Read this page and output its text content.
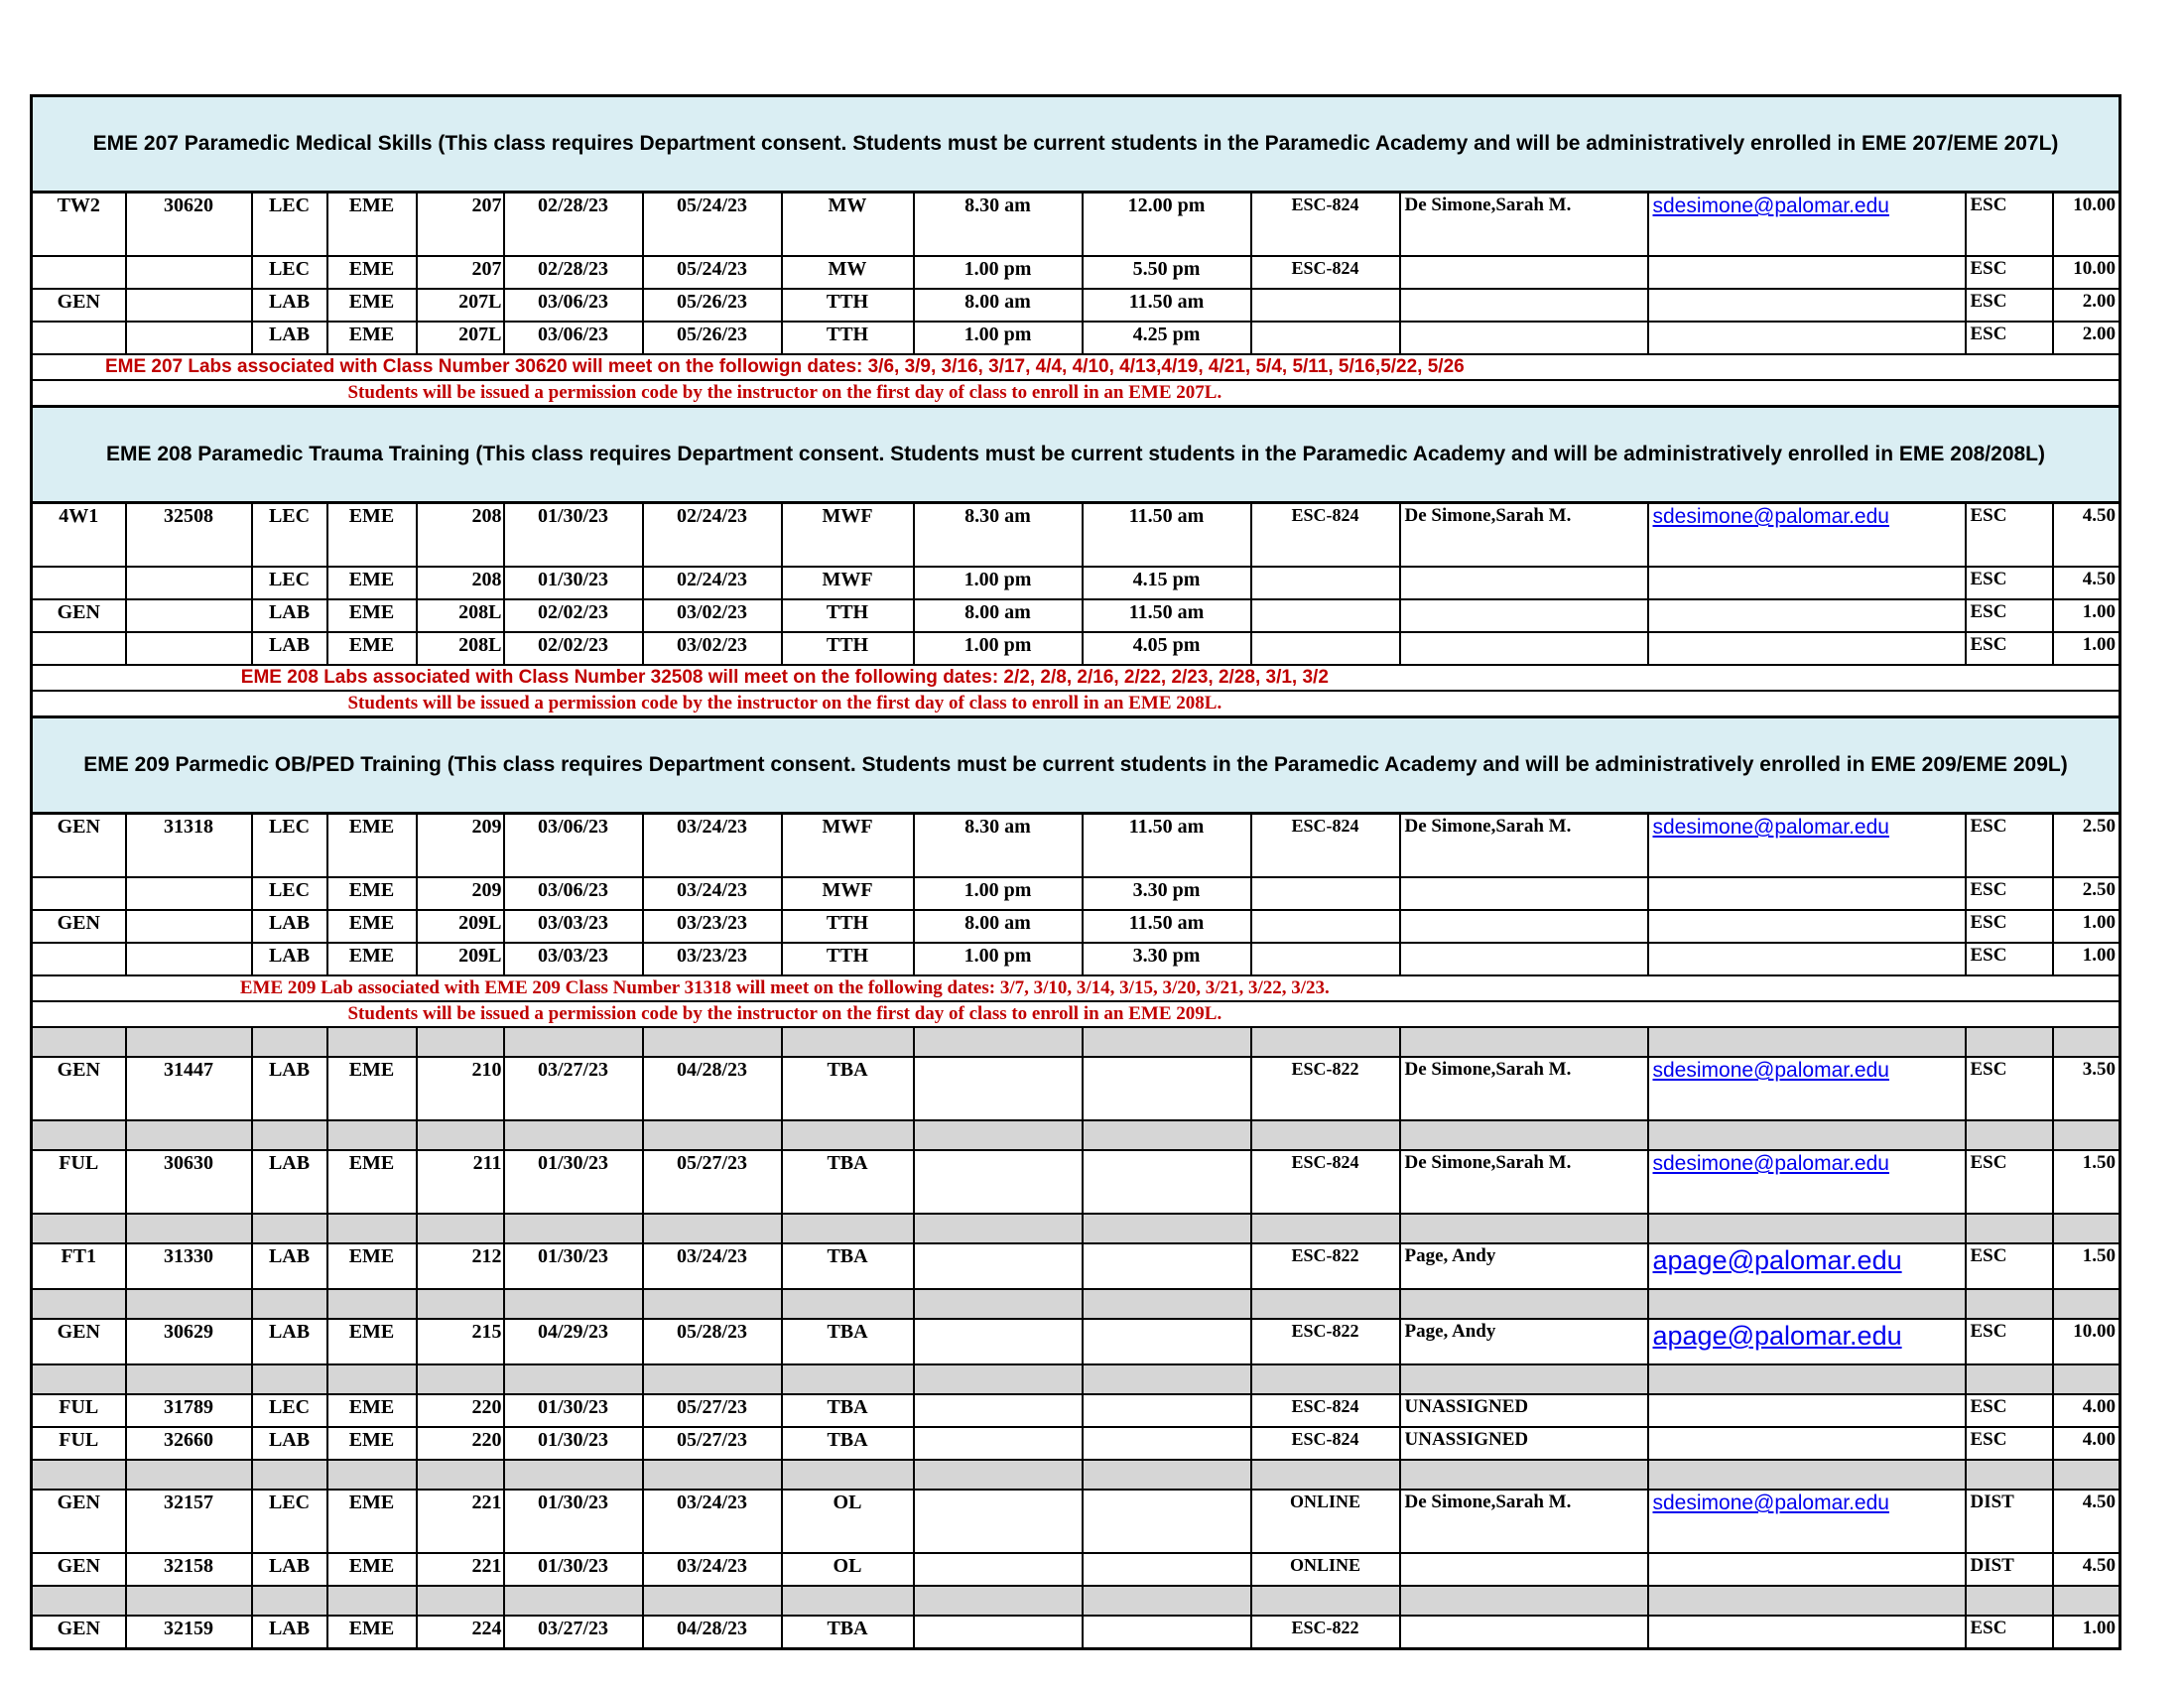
EME 207 Paramedic Medical Skills (This class requires Department consent. Students must be current students in the Paramedic Academy and will be administratively enrolled in EME 207/EME 207L)														
TW2	30620	LEC	EME	207	02/28/23	05/24/23	MW	8.30 am	12.00 pm	ESC-824	De Simone,Sarah M.	sdesimone@palomar.edu	ESC	10.00
		LEC	EME	207	02/28/23	05/24/23	MW	1.00 pm	5.50 pm	ESC-824			ESC	10.00
GEN		LAB	EME	207L	03/06/23	05/26/23	TTH	8.00 am	11.50 am				ESC	2.00
		LAB	EME	207L	03/06/23	05/26/23	TTH	1.00 pm	4.25 pm				ESC	2.00

EME 207 Labs associated with Class Number 30620 will meet on the followign dates: 3/6, 3/9, 3/16, 3/17, 4/4, 4/10, 4/13,4/19, 4/21, 5/4, 5/11, 5/16,5/22, 5/26														

Students will be issued a permission code by the instructor on the first day of class to enroll in an EME 207L.														

EME 208 Paramedic Trauma Training (This class requires Department consent. Students must be current students in the Paramedic Academy and will be administratively enrolled in EME 208/208L)														
4W1	32508	LEC	EME	208	01/30/23	02/24/23	MWF	8.30 am	11.50 am	ESC-824	De Simone,Sarah M.	sdesimone@palomar.edu	ESC	4.50
		LEC	EME	208	01/30/23	02/24/23	MWF	1.00 pm	4.15 pm				ESC	4.50
GEN		LAB	EME	208L	02/02/23	03/02/23	TTH	8.00 am	11.50 am				ESC	1.00
		LAB	EME	208L	02/02/23	03/02/23	TTH	1.00 pm	4.05 pm				ESC	1.00

EME 208 Labs associated with Class Number 32508 will meet on the following dates: 2/2, 2/8, 2/16, 2/22, 2/23, 2/28, 3/1, 3/2														

Students will be issued a permission code by the instructor on the first day of class to enroll in an EME 208L.														

EME 209 Parmedic OB/PED Training (This class requires Department consent. Students must be current students in the Paramedic Academy and will be administratively enrolled in EME 209/EME 209L)														
GEN	31318	LEC	EME	209	03/06/23	03/24/23	MWF	8.30 am	11.50 am	ESC-824	De Simone,Sarah M.	sdesimone@palomar.edu	ESC	2.50
		LEC	EME	209	03/06/23	03/24/23	MWF	1.00 pm	3.30 pm				ESC	2.50
GEN		LAB	EME	209L	03/03/23	03/23/23	TTH	8.00 am	11.50 am				ESC	1.00
		LAB	EME	209L	03/03/23	03/23/23	TTH	1.00 pm	3.30 pm				ESC	1.00

EME 209 Lab associated with EME 209 Class Number 31318 will meet on the following dates: 3/7, 3/10, 3/14, 3/15, 3/20, 3/21, 3/22, 3/23.														

Students will be issued a permission code by the instructor on the first day of class to enroll in an EME 209L.														

GEN	31447	LAB	EME	210	03/27/23	04/28/23	TBA			ESC-822	De Simone,Sarah M.	sdesimone@palomar.edu	ESC	3.50

FUL	30630	LAB	EME	211	01/30/23	05/27/23	TBA			ESC-824	De Simone,Sarah M.	sdesimone@palomar.edu	ESC	1.50

FT1	31330	LAB	EME	212	01/30/23	03/24/23	TBA			ESC-822	Page, Andy	apage@palomar.edu	ESC	1.50

GEN	30629	LAB	EME	215	04/29/23	05/28/23	TBA			ESC-822	Page, Andy	apage@palomar.edu	ESC	10.00

FUL	31789	LEC	EME	220	01/30/23	05/27/23	TBA			ESC-824	UNASSIGNED		ESC	4.00
FUL	32660	LAB	EME	220	01/30/23	05/27/23	TBA			ESC-824	UNASSIGNED		ESC	4.00

GEN	32157	LEC	EME	221	01/30/23	03/24/23	OL			ONLINE	De Simone,Sarah M.	sdesimone@palomar.edu	DIST	4.50
GEN	32158	LAB	EME	221	01/30/23	03/24/23	OL			ONLINE			DIST	4.50

GEN	32159	LAB	EME	224	03/27/23	04/28/23	TBA			ESC-822			ESC	1.00
